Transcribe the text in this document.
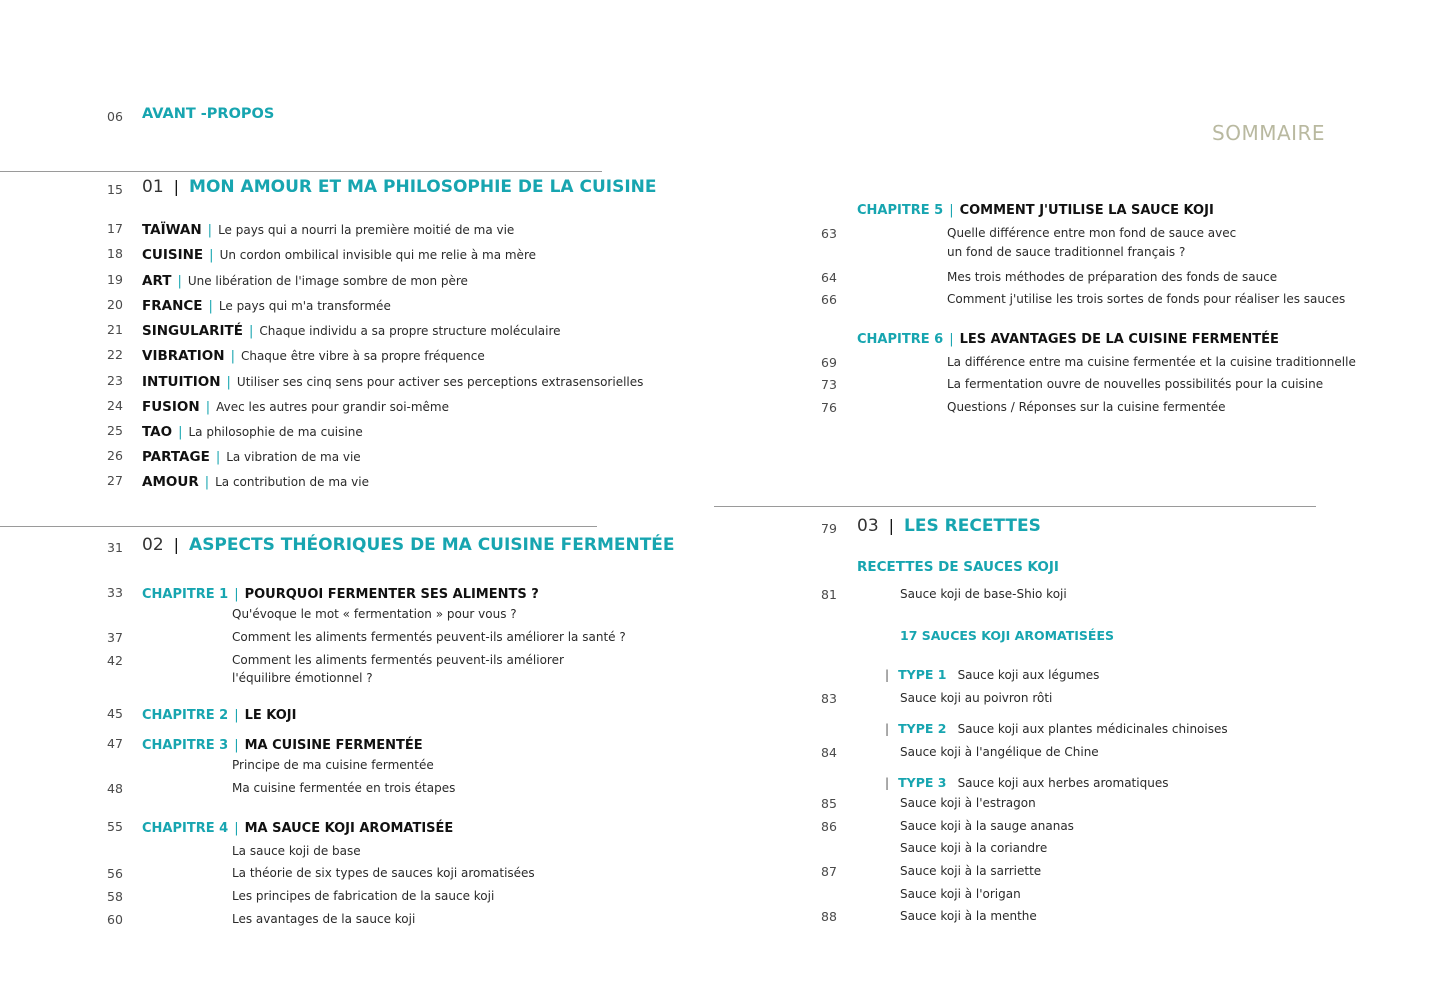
SOMMAIRE
06 AVANT -PROPOS
15 01 | MON AMOUR ET MA PHILOSOPHIE DE LA CUISINE
17 TAÏWAN | Le pays qui a nourri la première moitié de ma vie
18 CUISINE | Un cordon ombilical invisible qui me relie à ma mère
19 ART | Une libération de l'image sombre de mon père
20 FRANCE | Le pays qui m'a transformée
21 SINGULARITÉ | Chaque individu a sa propre structure moléculaire
22 VIBRATION | Chaque être vibre à sa propre fréquence
23 INTUITION | Utiliser ses cinq sens pour activer ses perceptions extrasensorielles
24 FUSION | Avec les autres pour grandir soi-même
25 TAO | La philosophie de ma cuisine
26 PARTAGE | La vibration de ma vie
27 AMOUR | La contribution de ma vie
31 02 | ASPECTS THÉORIQUES DE MA CUISINE FERMENTÉE
33 CHAPITRE 1 | POURQUOI FERMENTER SES ALIMENTS ?
Qu'évoque le mot « fermentation » pour vous ?
37	Comment les aliments fermentés peuvent-ils améliorer la santé ?
42	Comment les aliments fermentés peuvent-ils améliorer
l'équilibre émotionnel ?
45 CHAPITRE 2 | LE KOJI
47 CHAPITRE 3 | MA CUISINE FERMENTÉE
Principe de ma cuisine fermentée
48	Ma cuisine fermentée en trois étapes
55 CHAPITRE 4 | MA SAUCE KOJI AROMATISÉE
La sauce koji de base
56	La théorie de six types de sauces koji aromatisées
58	Les principes de fabrication de la sauce koji
60	Les avantages de la sauce koji
CHAPITRE 5 | COMMENT J'UTILISE LA SAUCE KOJI
63	Quelle différence entre mon fond de sauce avec
un fond de sauce traditionnel français ?
64	Mes trois méthodes de préparation des fonds de sauce
66	Comment j'utilise les trois sortes de fonds pour réaliser les sauces
CHAPITRE 6 | LES AVANTAGES DE LA CUISINE FERMENTÉE
69	La différence entre ma cuisine fermentée et la cuisine traditionnelle
73	La fermentation ouvre de nouvelles possibilités pour la cuisine
76	Questions / Réponses sur la cuisine fermentée
79 03 | LES RECETTES
RECETTES DE SAUCES KOJI
81	Sauce koji de base-Shio koji
17 SAUCES KOJI AROMATISÉES
| TYPE 1 Sauce koji aux légumes
83	Sauce koji au poivron rôti
| TYPE 2 Sauce koji aux plantes médicinales chinoises
84	Sauce koji à l'angélique de Chine
| TYPE 3 Sauce koji aux herbes aromatiques
85	Sauce koji à l'estragon
86	Sauce koji à la sauge ananas
Sauce koji à la coriandre
87	Sauce koji à la sarriette
Sauce koji à l'origan
88	Sauce koji à la menthe
